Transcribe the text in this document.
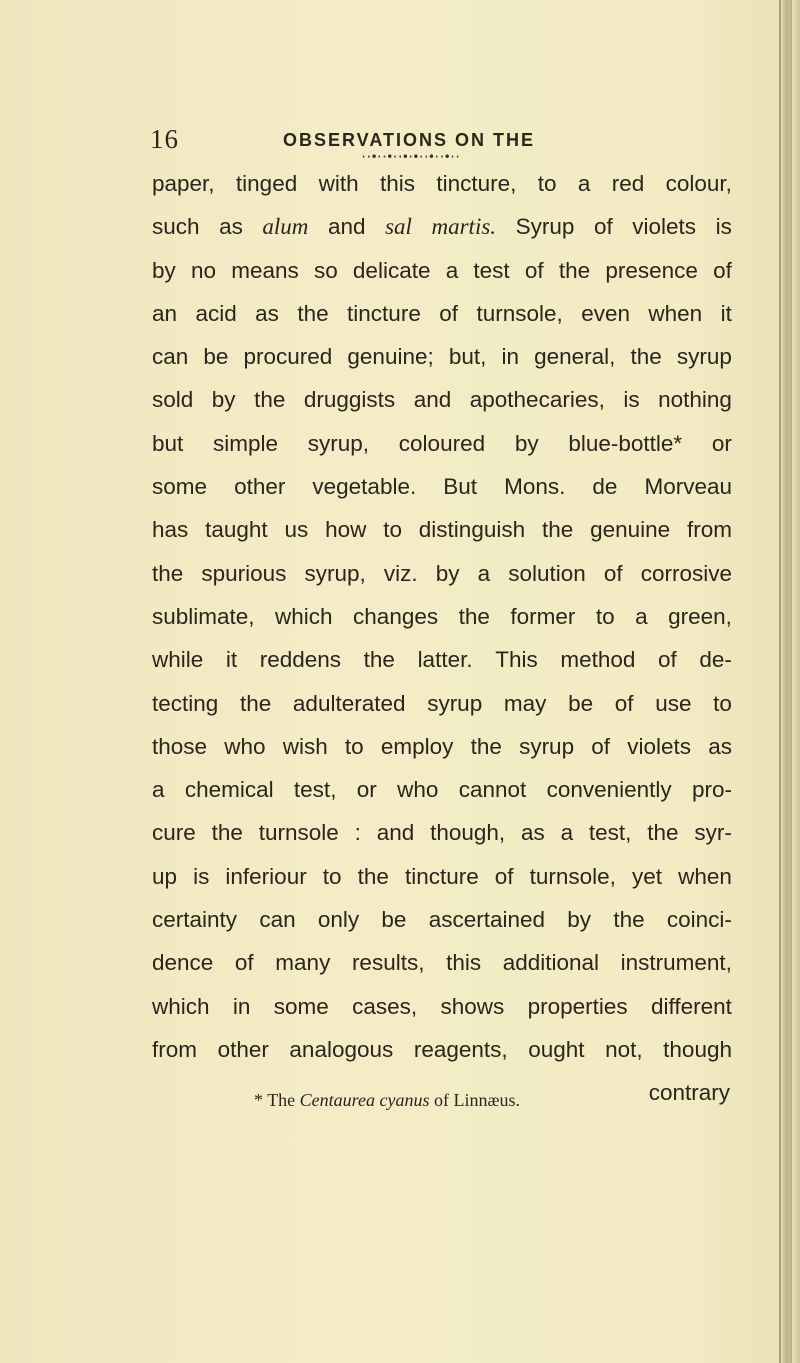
16	OBSERVATIONS ON THE
··•··•··•·•··•··•··
paper, tinged with this tincture, to a red colour,
such as alum and sal martis. Syrup of violets is
by no means so delicate a test of the presence of
an acid as the tincture of turnsole, even when it
can be procured genuine; but, in general, the syrup
sold by the druggists and apothecaries, is nothing
but simple syrup, coloured by blue-bottle* or
some other vegetable. But Mons. de Morveau
has taught us how to distinguish the genuine from
the spurious syrup, viz. by a solution of corrosive
sublimate, which changes the former to a green,
while it reddens the latter. This method of de-
tecting the adulterated syrup may be of use to
those who wish to employ the syrup of violets as
a chemical test, or who cannot conveniently pro-
cure the turnsole : and though, as a test, the syr-
up is inferiour to the tincture of turnsole, yet when
certainty can only be ascertained by the coinci-
dence of many results, this additional instrument,
which in some cases, shows properties different
from other analogous reagents, ought not, though
contrary
* The Centaurea cyanus of Linnæus.
